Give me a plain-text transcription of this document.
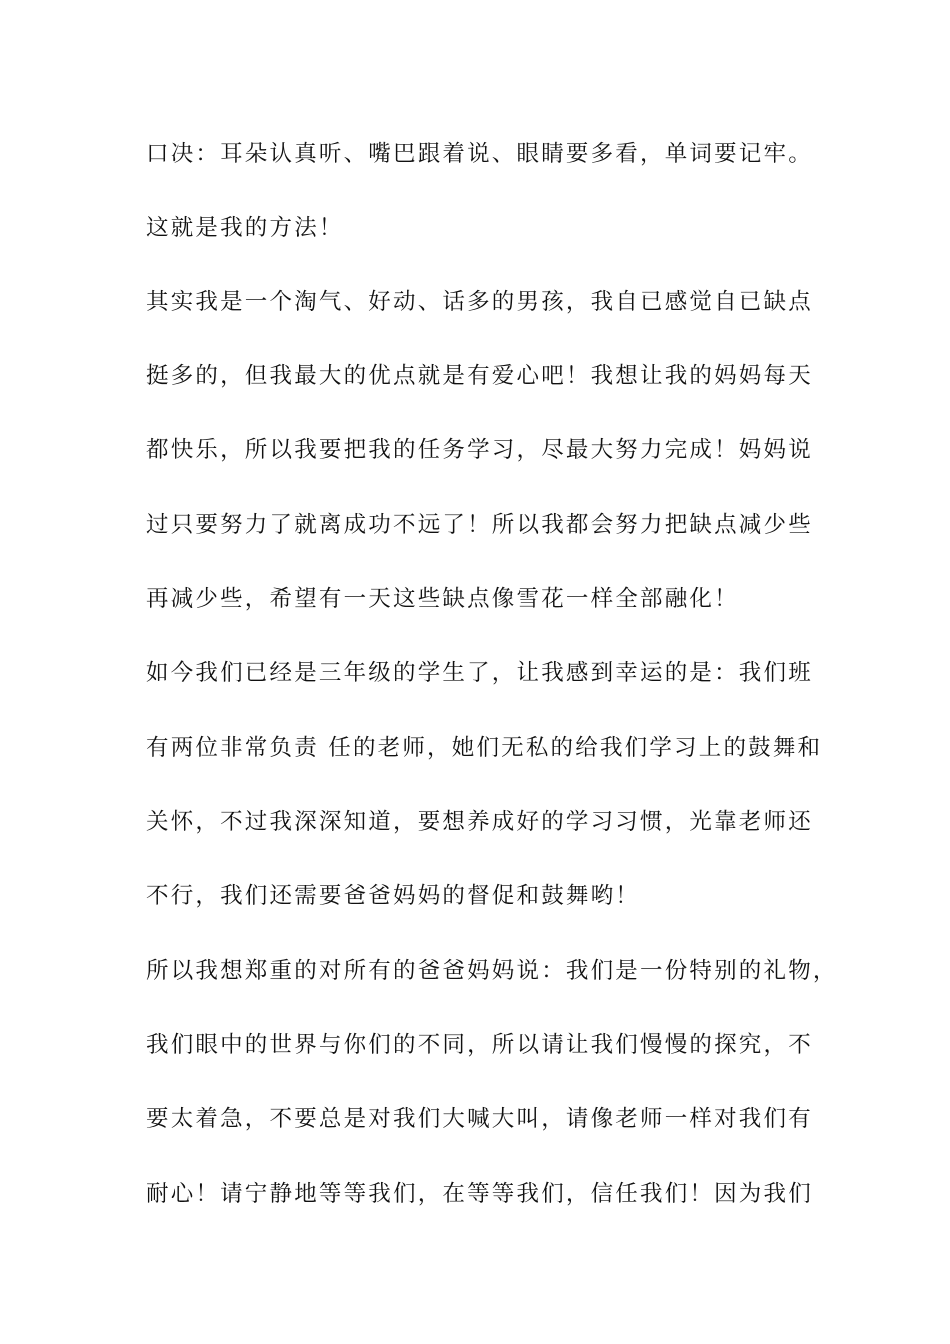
口决：耳朵认真听、嘴巴跟着说、眼睛要多看，单词要记牢。
这就是我的方法！
其实我是一个淘气、好动、话多的男孩，我自已感觉自已缺点
挺多的，但我最大的优点就是有爱心吧！我想让我的妈妈每天
都快乐，所以我要把我的任务学习，尽最大努力完成！妈妈说
过只要努力了就离成功不远了！所以我都会努力把缺点减少些
再减少些，希望有一天这些缺点像雪花一样全部融化！
如今我们已经是三年级的学生了，让我感到幸运的是：我们班
有两位非常负责 任的老师，她们无私的给我们学习上的鼓舞和
关怀，不过我深深知道，要想养成好的学习习惯，光靠老师还
不行，我们还需要爸爸妈妈的督促和鼓舞哟！
所以我想郑重的对所有的爸爸妈妈说：我们是一份特别的礼物，
我们眼中的世界与你们的不同，所以请让我们慢慢的探究，不
要太着急，不要总是对我们大喊大叫，请像老师一样对我们有
耐心！请宁静地等等我们，在等等我们，信任我们！因为我们
